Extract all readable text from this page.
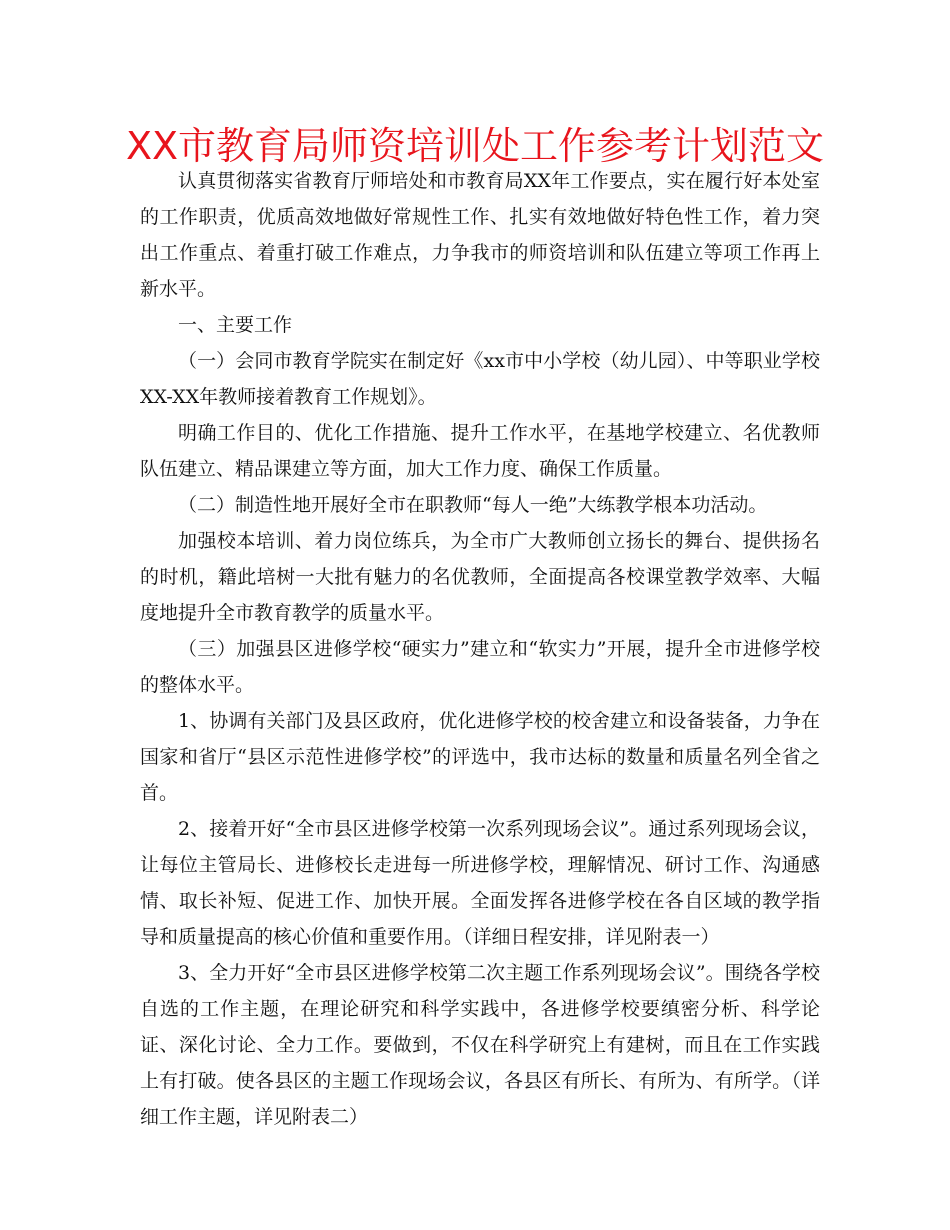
XX市教育局师资培训处工作参考计划范文

认真贯彻落实省教育厅师培处和市教育局XX年工作要点，实在履行好本处室的工作职责，优质高效地做好常规性工作、扎实有效地做好特色性工作，着力突出工作重点、着重打破工作难点，力争我市的师资培训和队伍建立等项工作再上新水平。

一、主要工作

（一）会同市教育学院实在制定好《xx市中小学校（幼儿园）、中等职业学校XX-XX年教师接着教育工作规划》。

明确工作目的、优化工作措施、提升工作水平，在基地学校建立、名优教师队伍建立、精品课建立等方面，加大工作力度、确保工作质量。

（二）制造性地开展好全市在职教师“每人一绝”大练教学根本功活动。

加强校本培训、着力岗位练兵，为全市广大教师创立扬长的舞台、提供扬名的时机，籍此培树一大批有魅力的名优教师，全面提高各校课堂教学效率、大幅度地提升全市教育教学的质量水平。

（三）加强县区进修学校“硬实力”建立和“软实力”开展，提升全市进修学校的整体水平。

1、协调有关部门及县区政府，优化进修学校的校舍建立和设备装备，力争在国家和省厅“县区示范性进修学校”的评选中，我市达标的数量和质量名列全省之首。

2、接着开好“全市县区进修学校第一次系列现场会议”。通过系列现场会议，让每位主管局长、进修校长走进每一所进修学校，理解情况、研讨工作、沟通感情、取长补短、促进工作、加快开展。全面发挥各进修学校在各自区域的教学指导和质量提高的核心价值和重要作用。（详细日程安排，详见附表一）

3、全力开好“全市县区进修学校第二次主题工作系列现场会议”。围绕各学校自选的工作主题，在理论研究和科学实践中，各进修学校要缜密分析、科学论证、深化讨论、全力工作。要做到，不仅在科学研究上有建树，而且在工作实践上有打破。使各县区的主题工作现场会议，各县区有所长、有所为、有所学。（详细工作主题，详见附表二）
